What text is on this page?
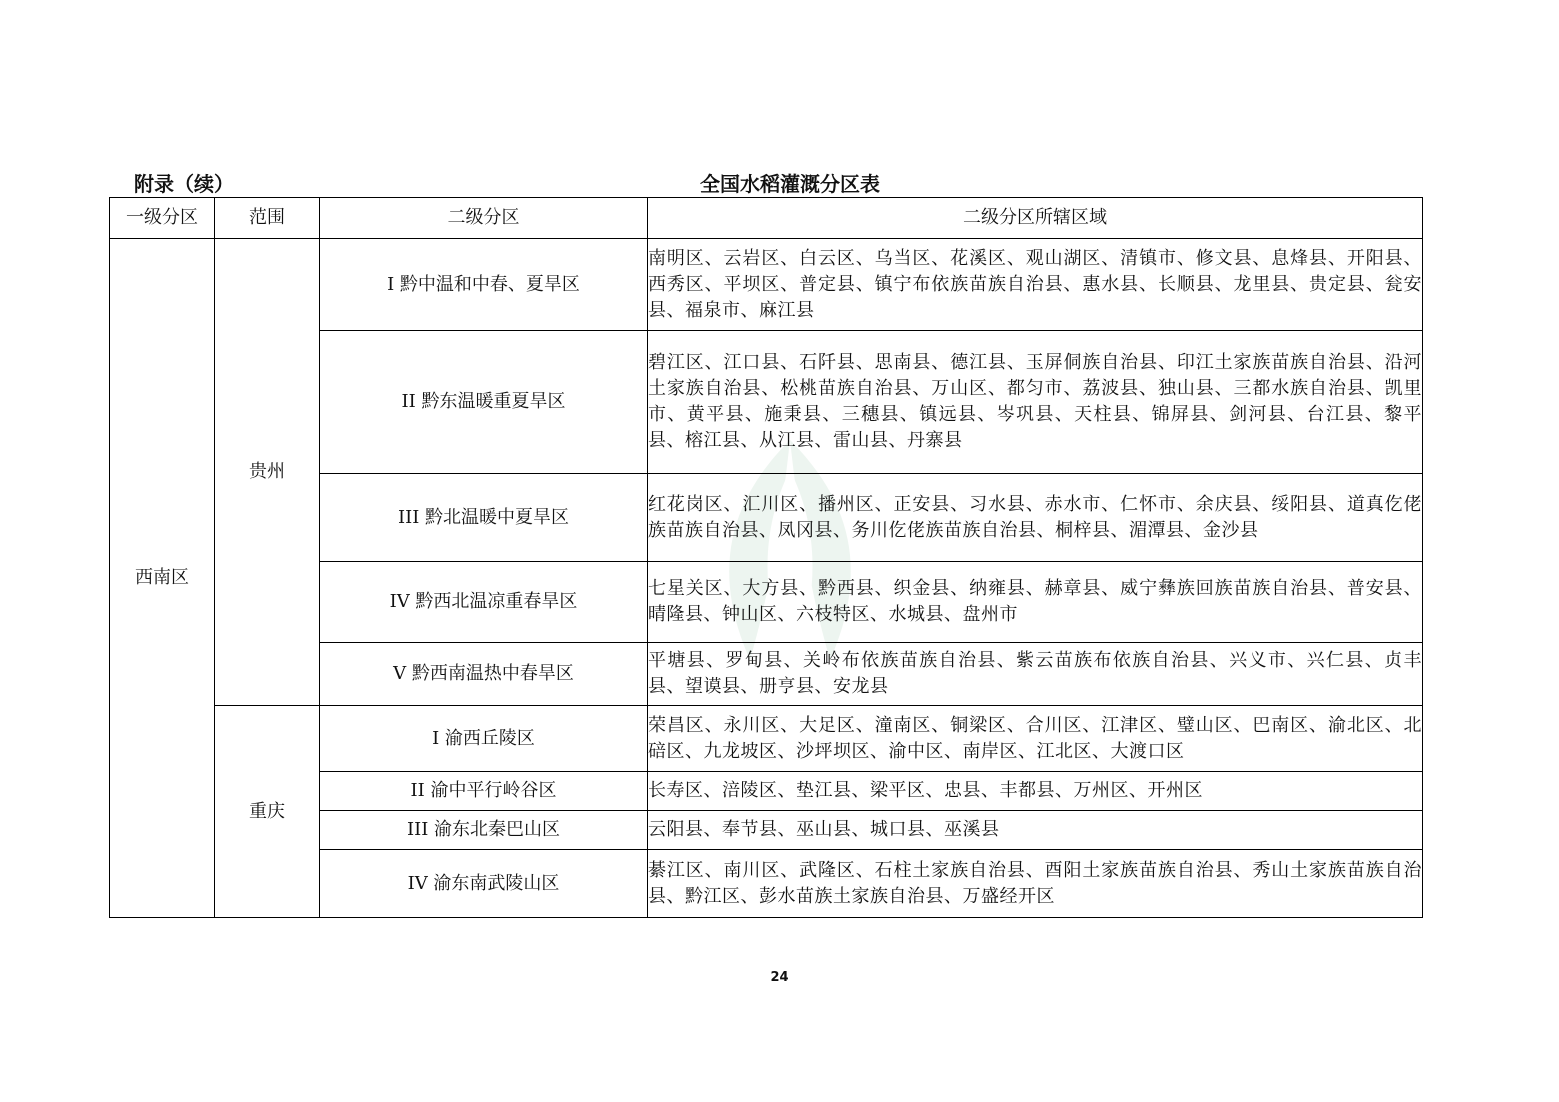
附录（续）	全国水稻灌溉分区表
一级分区	范围	二级分区	二级分区所辖区域
西南区	贵州	I 黔中温和中春、夏旱区	南明区、云岩区、白云区、乌当区、花溪区、观山湖区、清镇市、修文县、息烽县、开阳县、西秀区、平坝区、普定县、镇宁布依族苗族自治县、惠水县、长顺县、龙里县、贵定县、瓮安县、福泉市、麻江县
		II 黔东温暖重夏旱区	碧江区、江口县、石阡县、思南县、德江县、玉屏侗族自治县、印江土家族苗族自治县、沿河土家族自治县、松桃苗族自治县、万山区、都匀市、荔波县、独山县、三都水族自治县、凯里市、黄平县、施秉县、三穗县、镇远县、岑巩县、天柱县、锦屏县、剑河县、台江县、黎平县、榕江县、从江县、雷山县、丹寨县
		III 黔北温暖中夏旱区	红花岗区、汇川区、播州区、正安县、习水县、赤水市、仁怀市、余庆县、绥阳县、道真仡佬族苗族自治县、凤冈县、务川仡佬族苗族自治县、桐梓县、湄潭县、金沙县
		IV 黔西北温凉重春旱区	七星关区、大方县、黔西县、织金县、纳雍县、赫章县、威宁彝族回族苗族自治县、普安县、晴隆县、钟山区、六枝特区、水城县、盘州市
		V 黔西南温热中春旱区	平塘县、罗甸县、关岭布依族苗族自治县、紫云苗族布依族自治县、兴义市、兴仁县、贞丰县、望谟县、册亨县、安龙县
	重庆	I 渝西丘陵区	荣昌区、永川区、大足区、潼南区、铜梁区、合川区、江津区、璧山区、巴南区、渝北区、北碚区、九龙坡区、沙坪坝区、渝中区、南岸区、江北区、大渡口区
		II 渝中平行岭谷区	长寿区、涪陵区、垫江县、梁平区、忠县、丰都县、万州区、开州区
		III 渝东北秦巴山区	云阳县、奉节县、巫山县、城口县、巫溪县
		IV 渝东南武陵山区	綦江区、南川区、武隆区、石柱土家族自治县、酉阳土家族苗族自治县、秀山土家族苗族自治县、黔江区、彭水苗族土家族自治县、万盛经开区
24
